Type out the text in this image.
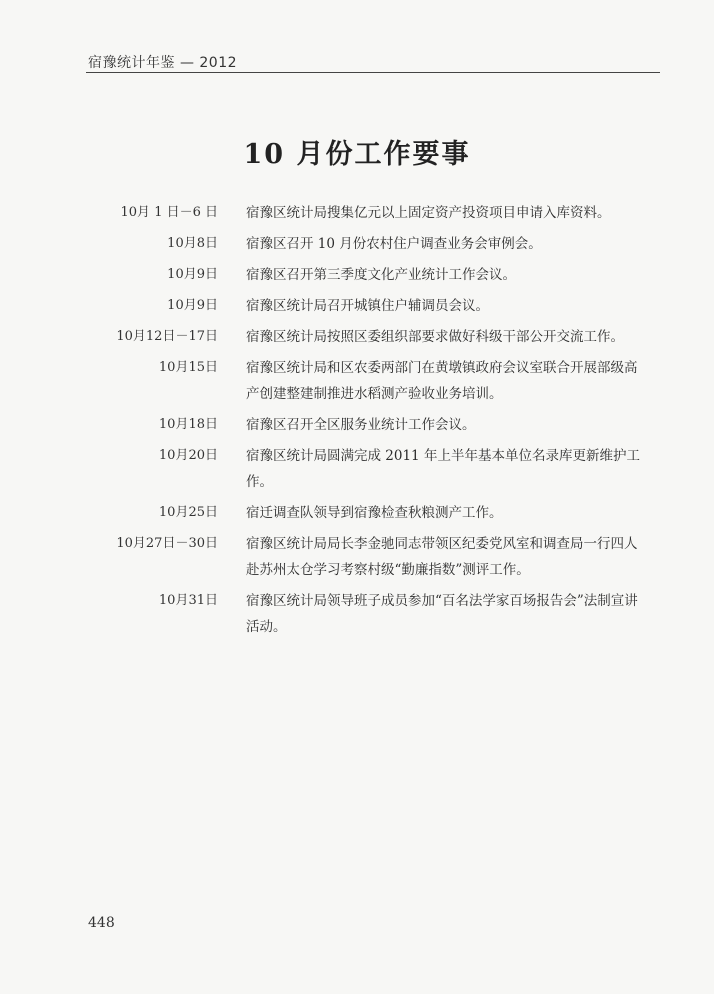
宿豫统计年鉴 — 2012
10 月份工作要事
10月 1 日－6 日 宿豫区统计局搜集亿元以上固定资产投资项目申请入库资料。
10月8日 宿豫区召开 10 月份农村住户调查业务会审例会。
10月9日 宿豫区召开第三季度文化产业统计工作会议。
10月9日 宿豫区统计局召开城镇住户辅调员会议。
10月12日－17日 宿豫区统计局按照区委组织部要求做好科级干部公开交流工作。
10月15日 宿豫区统计局和区农委两部门在黄墩镇政府会议室联合开展部级高产创建整建制推进水稻测产验收业务培训。
10月18日 宿豫区召开全区服务业统计工作会议。
10月20日 宿豫区统计局圆满完成 2011 年上半年基本单位名录库更新维护工作。
10月25日 宿迁调查队领导到宿豫检查秋粮测产工作。
10月27日－30日 宿豫区统计局局长李金驰同志带领区纪委党风室和调查局一行四人赴苏州太仓学习考察村级“勤廉指数”测评工作。
10月31日 宿豫区统计局领导班子成员参加“百名法学家百场报告会”法制宣讲活动。
448
